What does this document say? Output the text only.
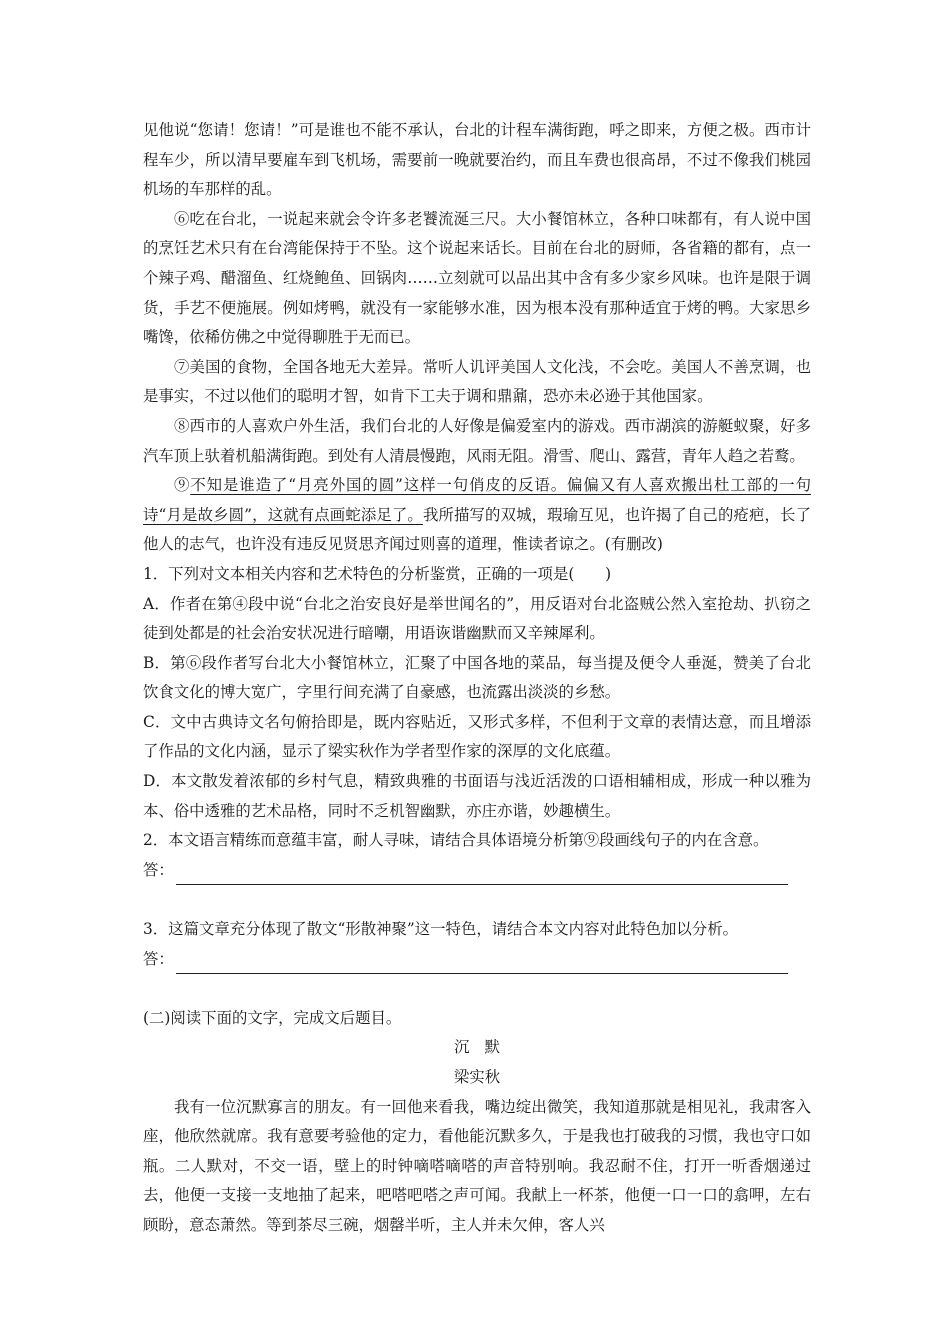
见他说“您请！您请！”可是谁也不能不承认，台北的计程车满街跑，呼之即来，方便之极。西市计程车少，所以清早要雇车到飞机场，需要前一晚就要治约，而且车费也很高昂，不过不像我们桃园机场的车那样的乱。

⑥吃在台北，一说起来就会令许多老饕流涎三尺。大小餐馆林立，各种口味都有，有人说中国的烹饪艺术只有在台湾能保持于不坠。这个说起来话长。目前在台北的厨师，各省籍的都有，点一个辣子鸡、醋溜鱼、红烧鲍鱼、回锅肉……立刻就可以品出其中含有多少家乡风味。也许是限于调货，手艺不便施展。例如烤鸭，就没有一家能够水准，因为根本没有那种适宜于烤的鸭。大家思乡嘴馋，依稀仿佛之中觉得聊胜于无而已。

⑦美国的食物，全国各地无大差异。常听人讥评美国人文化浅，不会吃。美国人不善烹调，也是事实，不过以他们的聪明才智，如肯下工夫于调和鼎鼐，恐亦未必逊于其他国家。

⑧西市的人喜欢户外生活，我们台北的人好像是偏爱室内的游戏。西市湖滨的游艇蚁聚，好多汽车顶上驮着机船满街跑。到处有人清晨慢跑，风雨无阻。滑雪、爬山、露营，青年人趋之若鹜。

⑨不知是谁造了“月亮外国的圆”这样一句俏皮的反语。偏偏又有人喜欢搬出杜工部的一句诗“月是故乡圆”，这就有点画蛇添足了。我所描写的双城，瑕瑜互见，也许揭了自己的疮疤，长了他人的志气，也许没有违反见贤思齐闻过则喜的道理，惟读者谅之。(有删改)

1．下列对文本相关内容和艺术特色的分析鉴赏，正确的一项是(　　)

A．作者在第④段中说“台北之治安良好是举世闻名的”，用反语对台北盗贼公然入室抢劫、扒窃之徒到处都是的社会治安状况进行暗嘲，用语诙谐幽默而又辛辣犀利。

B．第⑥段作者写台北大小餐馆林立，汇聚了中国各地的菜品，每当提及便令人垂涎，赞美了台北饮食文化的博大宽广，字里行间充满了自豪感，也流露出淡淡的乡愁。

C．文中古典诗文名句俯拾即是，既内容贴近，又形式多样，不但利于文章的表情达意，而且增添了作品的文化内涵，显示了梁实秋作为学者型作家的深厚的文化底蕴。

D．本文散发着浓郁的乡村气息，精致典雅的书面语与浅近活泼的口语相辅相成，形成一种以雅为本、俗中透雅的艺术品格，同时不乏机智幽默，亦庄亦谐，妙趣横生。

2．本文语言精练而意蕴丰富，耐人寻味，请结合具体语境分析第⑨段画线句子的内在含意。

答：

3．这篇文章充分体现了散文“形散神聚”这一特色，请结合本文内容对此特色加以分析。

答：

(二)阅读下面的文字，完成文后题目。

沉默

梁实秋

我有一位沉默寡言的朋友。有一回他来看我，嘴边绽出微笑，我知道那就是相见礼，我肃客入座，他欣然就席。我有意要考验他的定力，看他能沉默多久，于是我也打破我的习惯，我也守口如瓶。二人默对，不交一语，壁上的时钟嘀嗒嘀嗒的声音特别响。我忍耐不住，打开一听香烟递过去，他便一支接一支地抽了起来，吧嗒吧嗒之声可闻。我献上一杯茶，他便一口一口的翕呷，左右顾盼，意态萧然。等到茶尽三碗，烟罄半听，主人并未欠伸，客人兴
